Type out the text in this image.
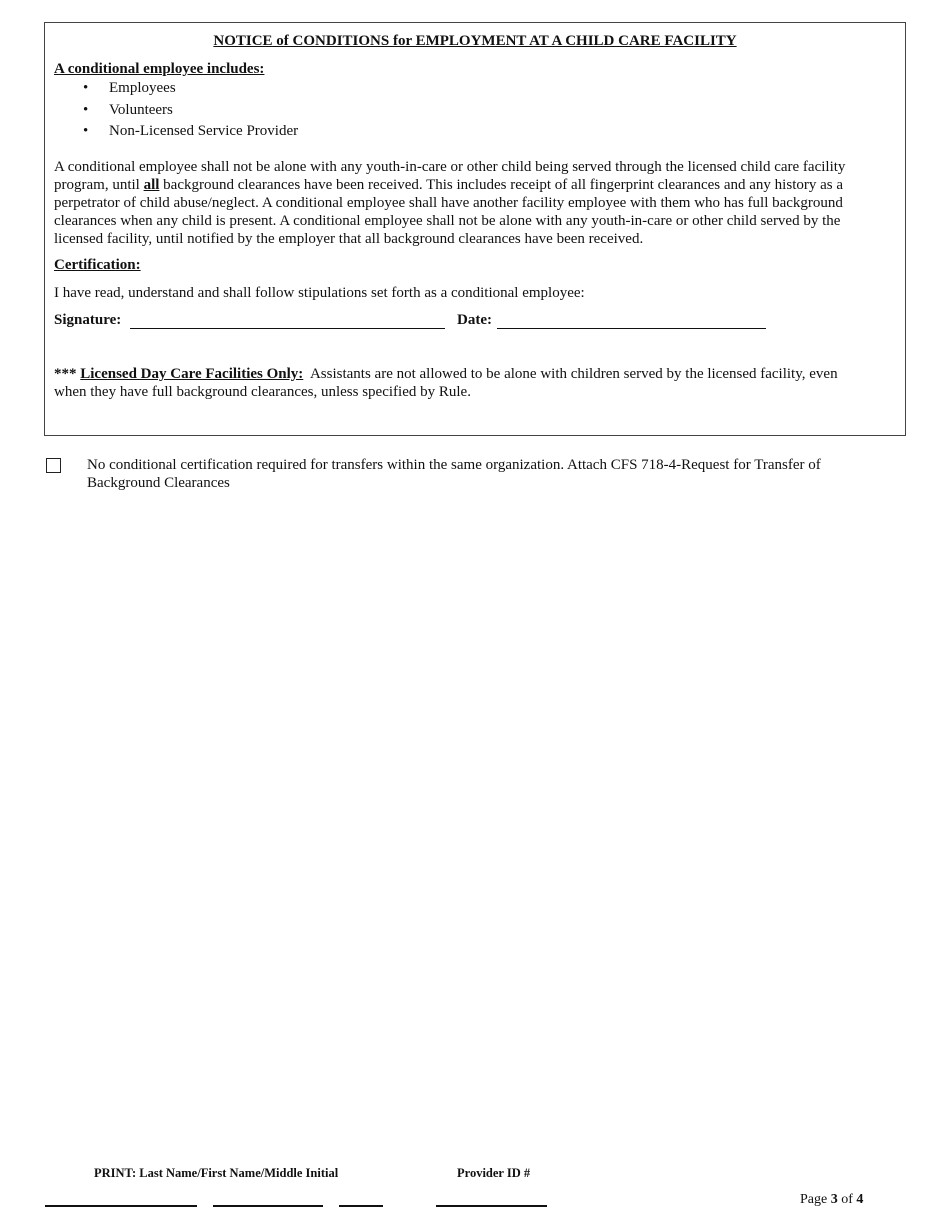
NOTICE of CONDITIONS for EMPLOYMENT AT A CHILD CARE FACILITY
A conditional employee includes:
• Employees
• Volunteers
• Non-Licensed Service Provider
A conditional employee shall not be alone with any youth-in-care or other child being served through the licensed child care facility
program, until all background clearances have been received. This includes receipt of all fingerprint clearances and any history as a
perpetrator of child abuse/neglect. A conditional employee shall have another facility employee with them who has full background
clearances when any child is present. A conditional employee shall not be alone with any youth-in-care or other child served by the
licensed facility, until notified by the employer that all background clearances have been received.
Certification:
I have read, understand and shall follow stipulations set forth as a conditional employee:
Signature:	Date:
*** Licensed Day Care Facilities Only:  Assistants are not allowed to be alone with children served by the licensed facility, even
when they have full background clearances, unless specified by Rule.
No conditional certification required for transfers within the same organization. Attach CFS 718-4-Request for Transfer of
Background Clearances
PRINT: Last Name/First Name/Middle Initial	Provider ID #
Page 3 of 4
